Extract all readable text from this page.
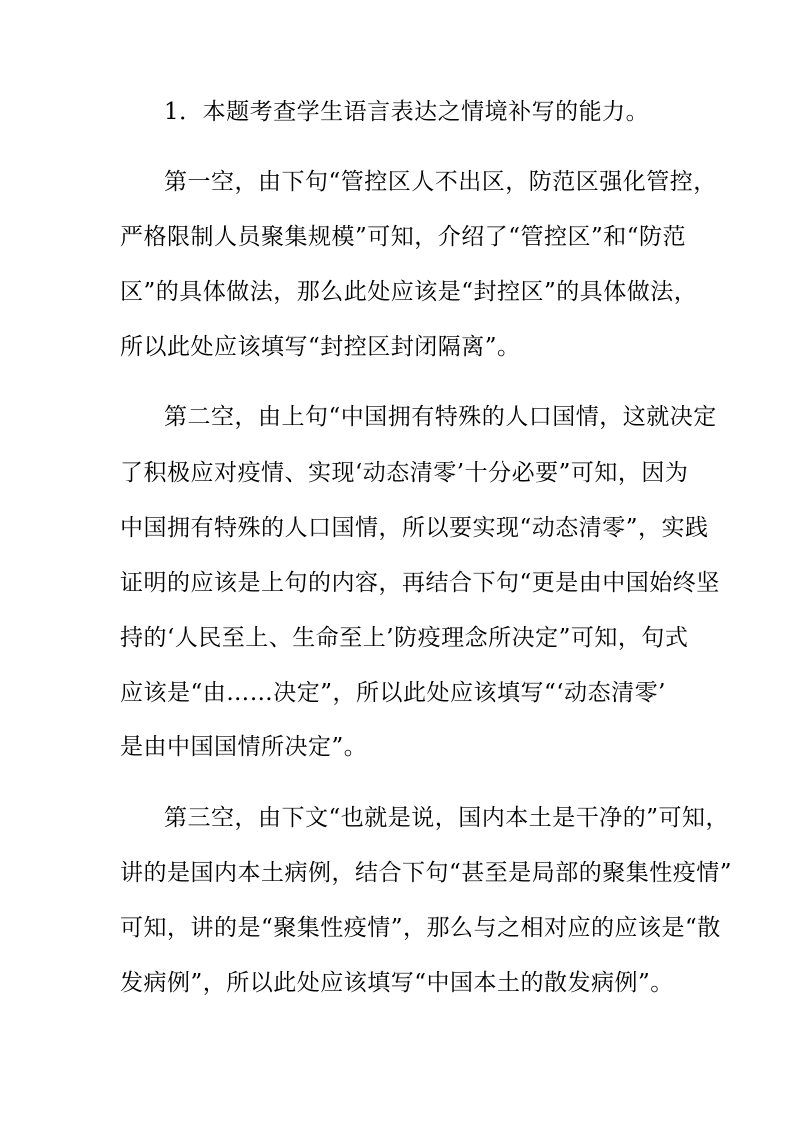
1．本题考查学生语言表达之情境补写的能力。
第一空，由下句“管控区人不出区，防范区强化管控，
严格限制人员聚集规模”可知，介绍了“管控区”和“防范
区”的具体做法，那么此处应该是“封控区”的具体做法，
所以此处应该填写“封控区封闭隔离”。
第二空，由上句“中国拥有特殊的人口国情，这就决定
了积极应对疫情、实现‘动态清零’十分必要”可知，因为
中国拥有特殊的人口国情，所以要实现“动态清零”，实践
证明的应该是上句的内容，再结合下句“更是由中国始终坚
持的‘人民至上、生命至上’防疫理念所决定”可知，句式
应该是“由……决定”，所以此处应该填写“‘动态清零’
是由中国国情所决定”。
第三空，由下文“也就是说，国内本土是干净的”可知，
讲的是国内本土病例，结合下句“甚至是局部的聚集性疫情”
可知，讲的是“聚集性疫情”，那么与之相对应的应该是“散
发病例”，所以此处应该填写“中国本土的散发病例”。
